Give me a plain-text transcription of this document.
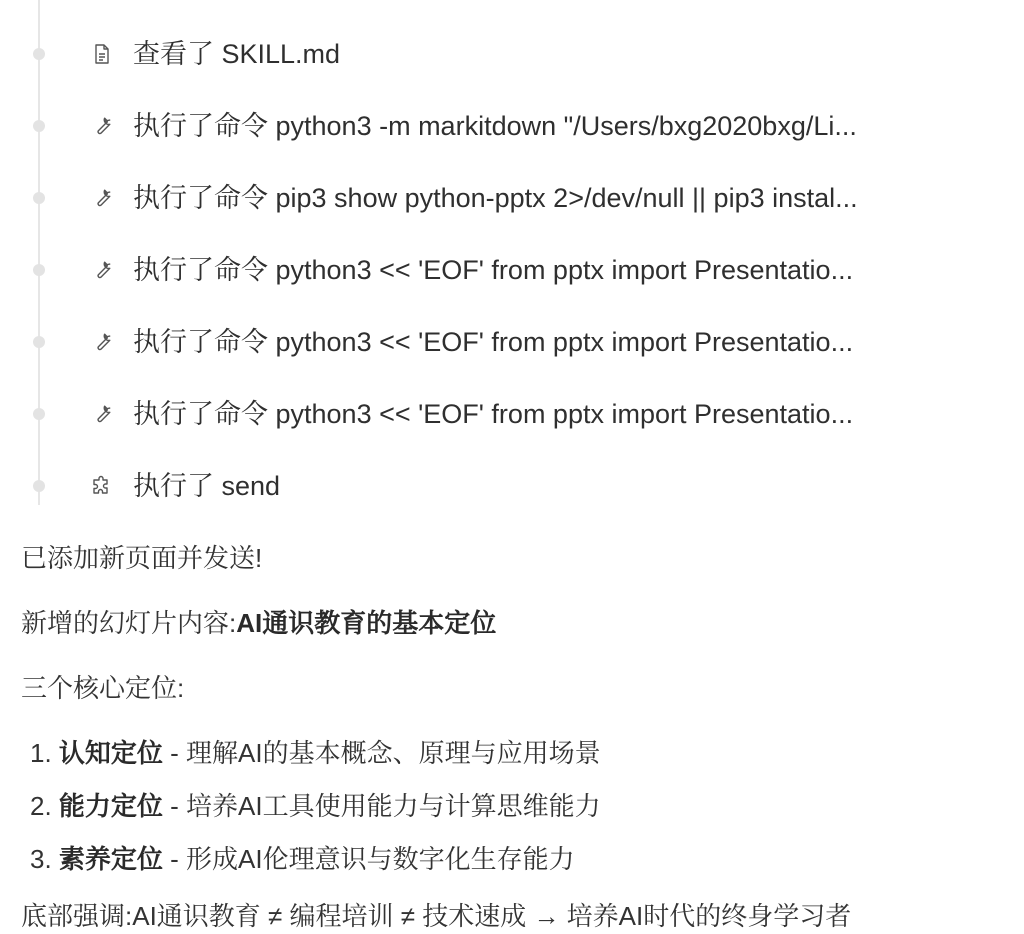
查看了 SKILL.md
执行了命令 python3 -m markitdown "/Users/bxg2020bxg/Li...
执行了命令 pip3 show python-pptx 2>/dev/null || pip3 instal...
执行了命令 python3 << 'EOF' from pptx import Presentatio...
执行了命令 python3 << 'EOF' from pptx import Presentatio...
执行了命令 python3 << 'EOF' from pptx import Presentatio...
执行了 send
已添加新页面并发送!
新增的幻灯片内容:AI通识教育的基本定位
三个核心定位:
1. 认知定位 - 理解AI的基本概念、原理与应用场景
2. 能力定位 - 培养AI工具使用能力与计算思维能力
3. 素养定位 - 形成AI伦理意识与数字化生存能力
底部强调:AI通识教育 ≠ 编程培训 ≠ 技术速成 → 培养AI时代的终身学习者
